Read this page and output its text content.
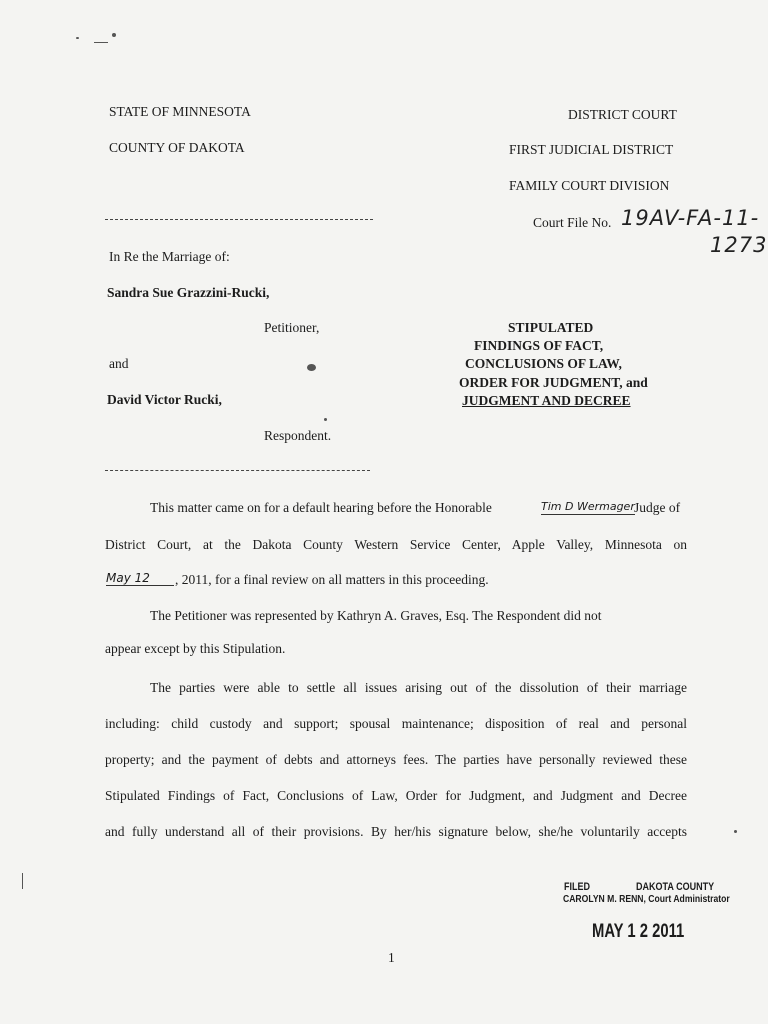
STATE OF MINNESOTA
COUNTY OF DAKOTA
DISTRICT COURT
FIRST JUDICIAL DISTRICT
FAMILY COURT DIVISION
Court File No. 19AV-FA-11-
1273
In Re the Marriage of:
Sandra Sue Grazzini-Rucki,
Petitioner,
and
David Victor Rucki,
Respondent.
STIPULATED
FINDINGS OF FACT,
CONCLUSIONS OF LAW,
ORDER FOR JUDGMENT, and
JUDGMENT AND DECREE
This matter came on for a default hearing before the Honorable	Tim D Wermager Judge of
District Court, at the Dakota County Western Service Center, Apple Valley, Minnesota on
May 12	, 2011, for a final review on all matters in this proceeding.
The Petitioner was represented by Kathryn A. Graves, Esq. The Respondent did not
appear except by this Stipulation.
The parties were able to settle all issues arising out of the dissolution of their marriage
including: child custody and support; spousal maintenance; disposition of real and personal
property; and the payment of debts and attorneys fees. The parties have personally reviewed these
Stipulated Findings of Fact, Conclusions of Law, Order for Judgment, and Judgment and Decree
and fully understand all of their provisions. By her/his signature below, she/he voluntarily accepts
FILED	DAKOTA COUNTY
CAROLYN M. RENN, Court Administrator
MAY 1 2 2011
1
